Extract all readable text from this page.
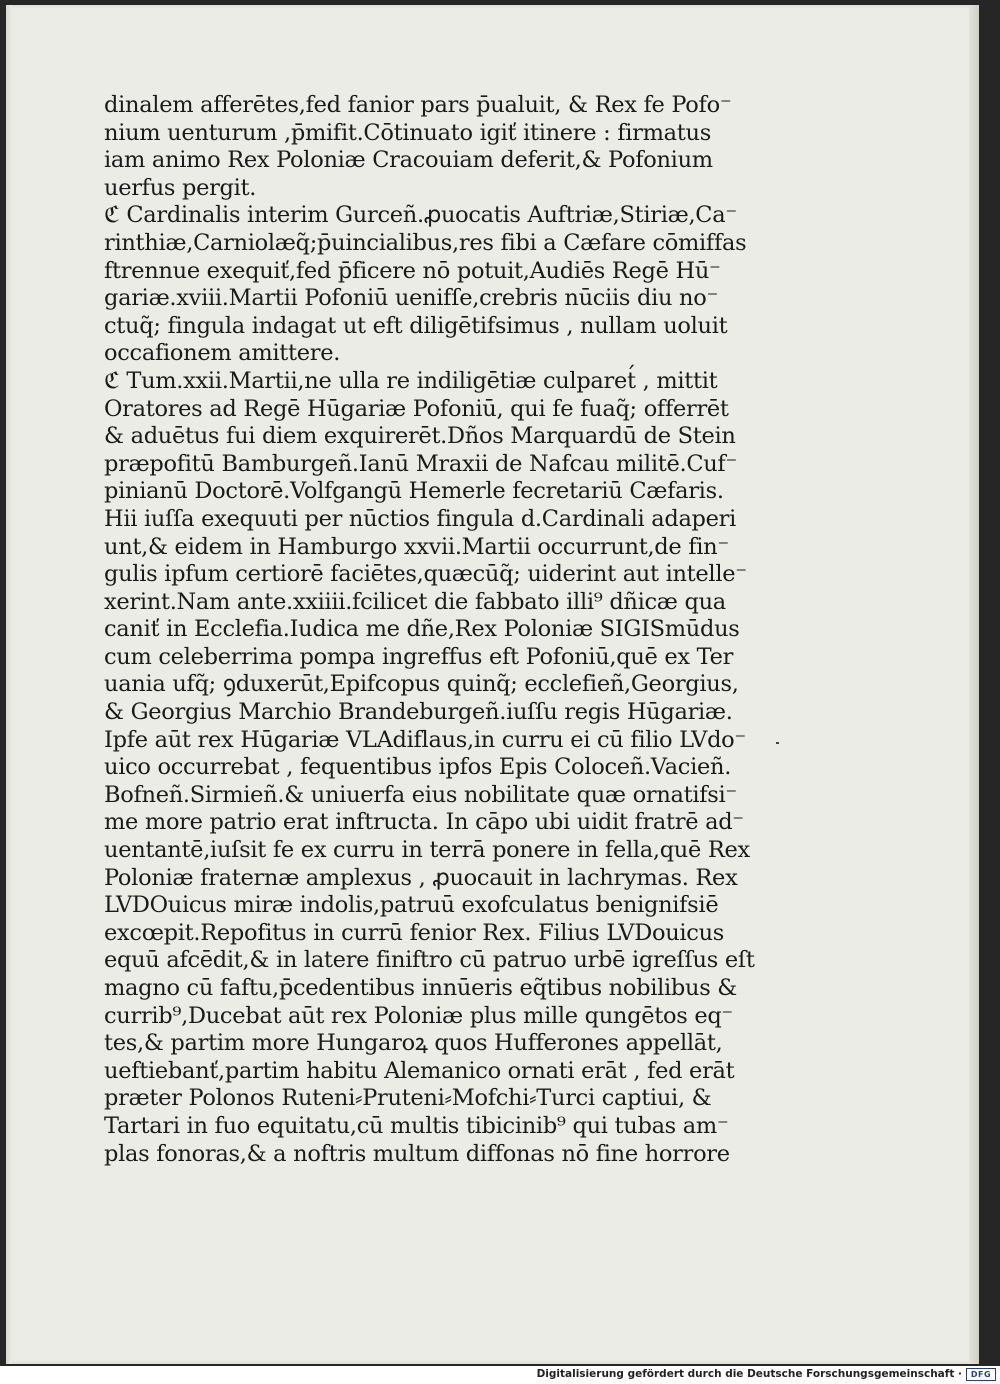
dinalem afferētes,fed fanior pars p̄ualuit, & Rex fe Pofo⁻
nium uenturum ,p̄mifit.Cōtinuato igiť itinere : firmatus
iam animo Rex Poloniæ Cracouiam deferit,& Pofonium
uerfus pergit.
ℭ Cardinalis interim Gurceñ.ꝓuocatis Auftriæ,Stiriæ,Ca⁻
rinthiæ,Carniolæq̃;p̄uincialibus,res fibi a Cæfare cōmiffas
ftrennue exequiť,fed p̄ficere nō potuit,Audiēs Regē Hū⁻
gariæ.xviii.Martii Pofoniū uenifſe,crebris nūciis diu no⁻
ctuq̃; fingula indagat ut eft diligētifsimus , nullam uoluit
occafionem amittere.
ℭ Tum.xxii.Martii,ne ulla re indiligētiæ culparet́ , mittit
Oratores ad Regē Hūgariæ Pofoniū, qui fe fuaq̃; offerrēt
& aduētus fui diem exquirerēt.Dños Marquardū de Stein
præpofitū Bamburgeñ.Ianū Mraxii de Nafcau militē.Cuf⁻
pinianū Doctorē.Volfgangū Hemerle fecretariū Cæfaris.
Hii iuſſa exequuti per nūctios fingula d.Cardinali adaperi
unt,& eidem in Hamburgo xxvii.Martii occurrunt,de fin⁻
gulis ipfum certiorē faciētes,quæcūq̃; uiderint aut intelle⁻
xerint.Nam ante.xxiiii.fcilicet die fabbato illi⁹ dñicæ qua
caniť in Ecclefia.Iudica me dñe,Rex Poloniæ SIGISmūdus
cum celeberrima pompa ingreffus eft Pofoniū,quē ex Ter
uania ufq̃; ꝯduxerūt,Epifcopus quinq̃; ecclefieñ,Georgius,
& Georgius Marchio Brandeburgeñ.iuſſu regis Hūgariæ.
Ipfe aūt rex Hūgariæ VLAdiflaus,in curru ei cū filio LVdo⁻
uico occurrebat , fequentibus ipfos Epis Coloceñ.Vacieñ.
Bofneñ.Sirmieñ.& uniuerfa eius nobilitate quæ ornatifsi⁻
me more patrio erat inftructa. In cāpo ubi uidit fratrē ad⁻
uentantē,iuſsit fe ex curru in terrā ponere in fella,quē Rex
Poloniæ fraternæ amplexus , ꝓuocauit in lachrymas. Rex
LVDOuicus miræ indolis,patruū exofculatus benignifsiē
excœpit.Repofitus in currū fenior Rex. Filius LVDouicus
equū afcēdit,& in latere finiftro cū patruo urbē igreſſus eſt
magno cū faftu,p̄cedentibus innūeris eq̃tibus nobilibus &
currib⁹,Ducebat aūt rex Poloniæ plus mille qungētos eq⁻
tes,& partim more Hungaroꝝ quos Hufferones appellāt,
ueftiebanť,partim habitu Alemanico ornati erāt , fed erāt
præter Polonos Ruteni⸗Pruteni⸗Mofchi⸗Turci captiui, &
Tartari in fuo equitatu,cū multis tibicinib⁹ qui tubas am⁻
plas fonoras,& a noftris multum diffonas nō fine horrore
Digitalisierung gefördert durch die Deutsche Forschungsgemeinschaft ·	DFG
